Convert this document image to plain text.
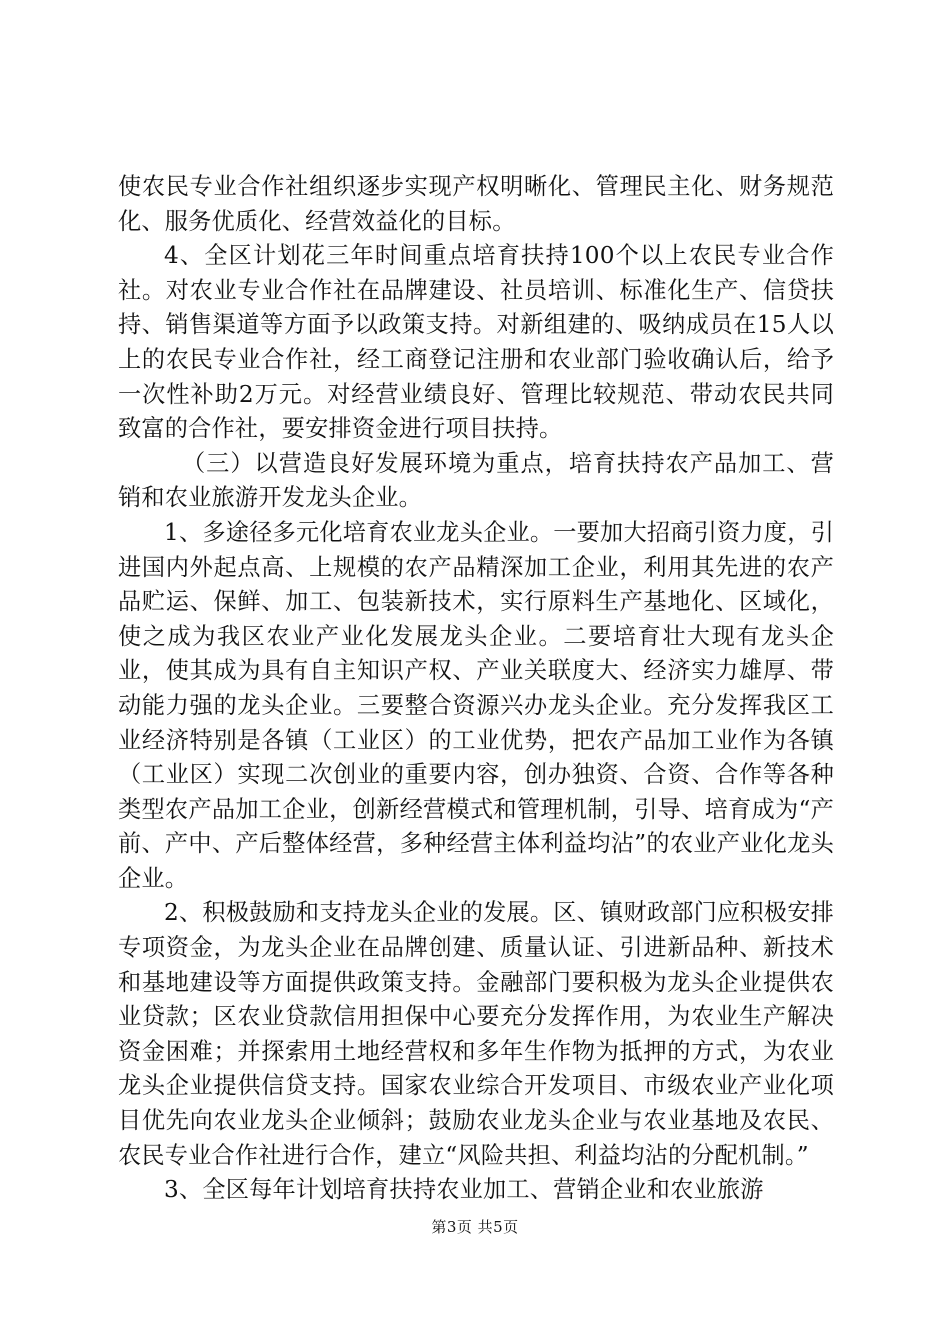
使农民专业合作社组织逐步实现产权明晰化、管理民主化、财务规范化、服务优质化、经营效益化的目标。

4、全区计划花三年时间重点培育扶持100个以上农民专业合作社。对农业专业合作社在品牌建设、社员培训、标准化生产、信贷扶持、销售渠道等方面予以政策支持。对新组建的、吸纳成员在15人以上的农民专业合作社，经工商登记注册和农业部门验收确认后，给予一次性补助2万元。对经营业绩良好、管理比较规范、带动农民共同致富的合作社，要安排资金进行项目扶持。

（三）以营造良好发展环境为重点，培育扶持农产品加工、营销和农业旅游开发龙头企业。

1、多途径多元化培育农业龙头企业。一要加大招商引资力度，引进国内外起点高、上规模的农产品精深加工企业，利用其先进的农产品贮运、保鲜、加工、包装新技术，实行原料生产基地化、区域化，使之成为我区农业产业化发展龙头企业。二要培育壮大现有龙头企业，使其成为具有自主知识产权、产业关联度大、经济实力雄厚、带动能力强的龙头企业。三要整合资源兴办龙头企业。充分发挥我区工业经济特别是各镇（工业区）的工业优势，把农产品加工业作为各镇（工业区）实现二次创业的重要内容，创办独资、合资、合作等各种类型农产品加工企业，创新经营模式和管理机制，引导、培育成为“产前、产中、产后整体经营，多种经营主体利益均沾”的农业产业化龙头企业。

2、积极鼓励和支持龙头企业的发展。区、镇财政部门应积极安排专项资金，为龙头企业在品牌创建、质量认证、引进新品种、新技术和基地建设等方面提供政策支持。金融部门要积极为龙头企业提供农业贷款；区农业贷款信用担保中心要充分发挥作用，为农业生产解决资金困难；并探索用土地经营权和多年生作物为抵押的方式，为农业龙头企业提供信贷支持。国家农业综合开发项目、市级农业产业化项目优先向农业龙头企业倾斜；鼓励农业龙头企业与农业基地及农民、农民专业合作社进行合作，建立“风险共担、利益均沾的分配机制。”

3、全区每年计划培育扶持农业加工、营销企业和农业旅游

第3页 共5页
